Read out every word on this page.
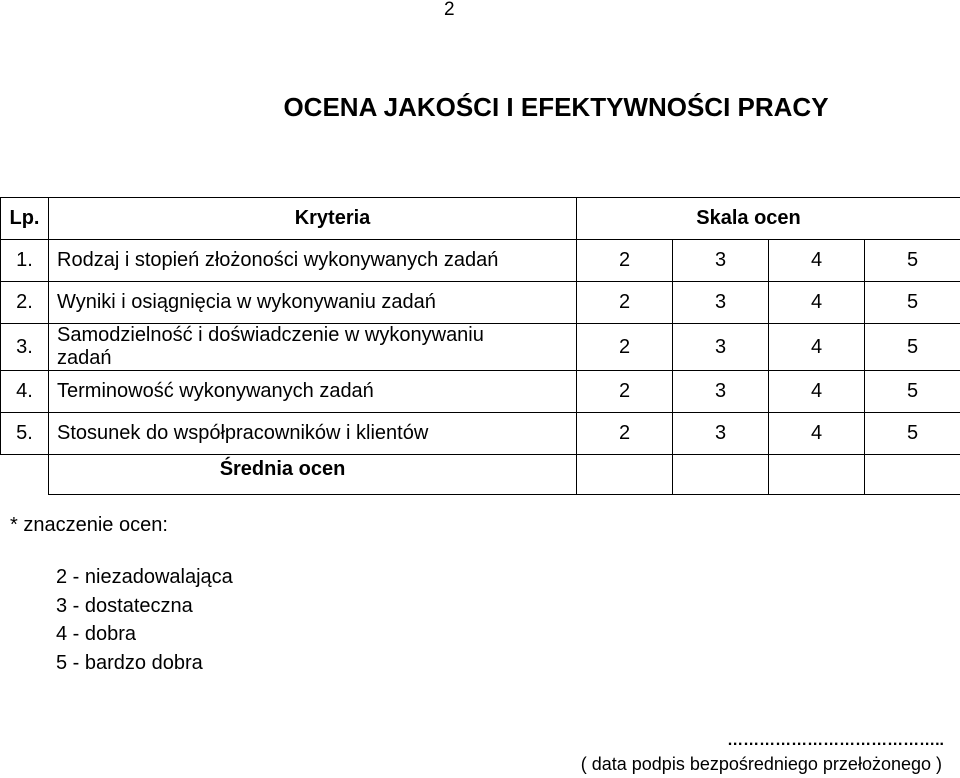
2
OCENA JAKOŚCI I EFEKTYWNOŚCI PRACY
Lp.	Kryteria	Skala ocen			
1.	Rodzaj i stopień złożoności wykonywanych zadań	2	3	4	5
2.	Wyniki i osiągnięcia w wykonywaniu zadań	2	3	4	5
3.	Samodzielność i doświadczenie w wykonywaniu zadań	2	3	4	5
4.	Terminowość wykonywanych zadań	2	3	4	5
5.	Stosunek do współpracowników i klientów	2	3	4	5
	Średnia ocen				
* znaczenie ocen:
2 - niezadowalająca
3 - dostateczna
4 - dobra
5 - bardzo dobra
…………………………………..
( data podpis bezpośredniego przełożonego )
